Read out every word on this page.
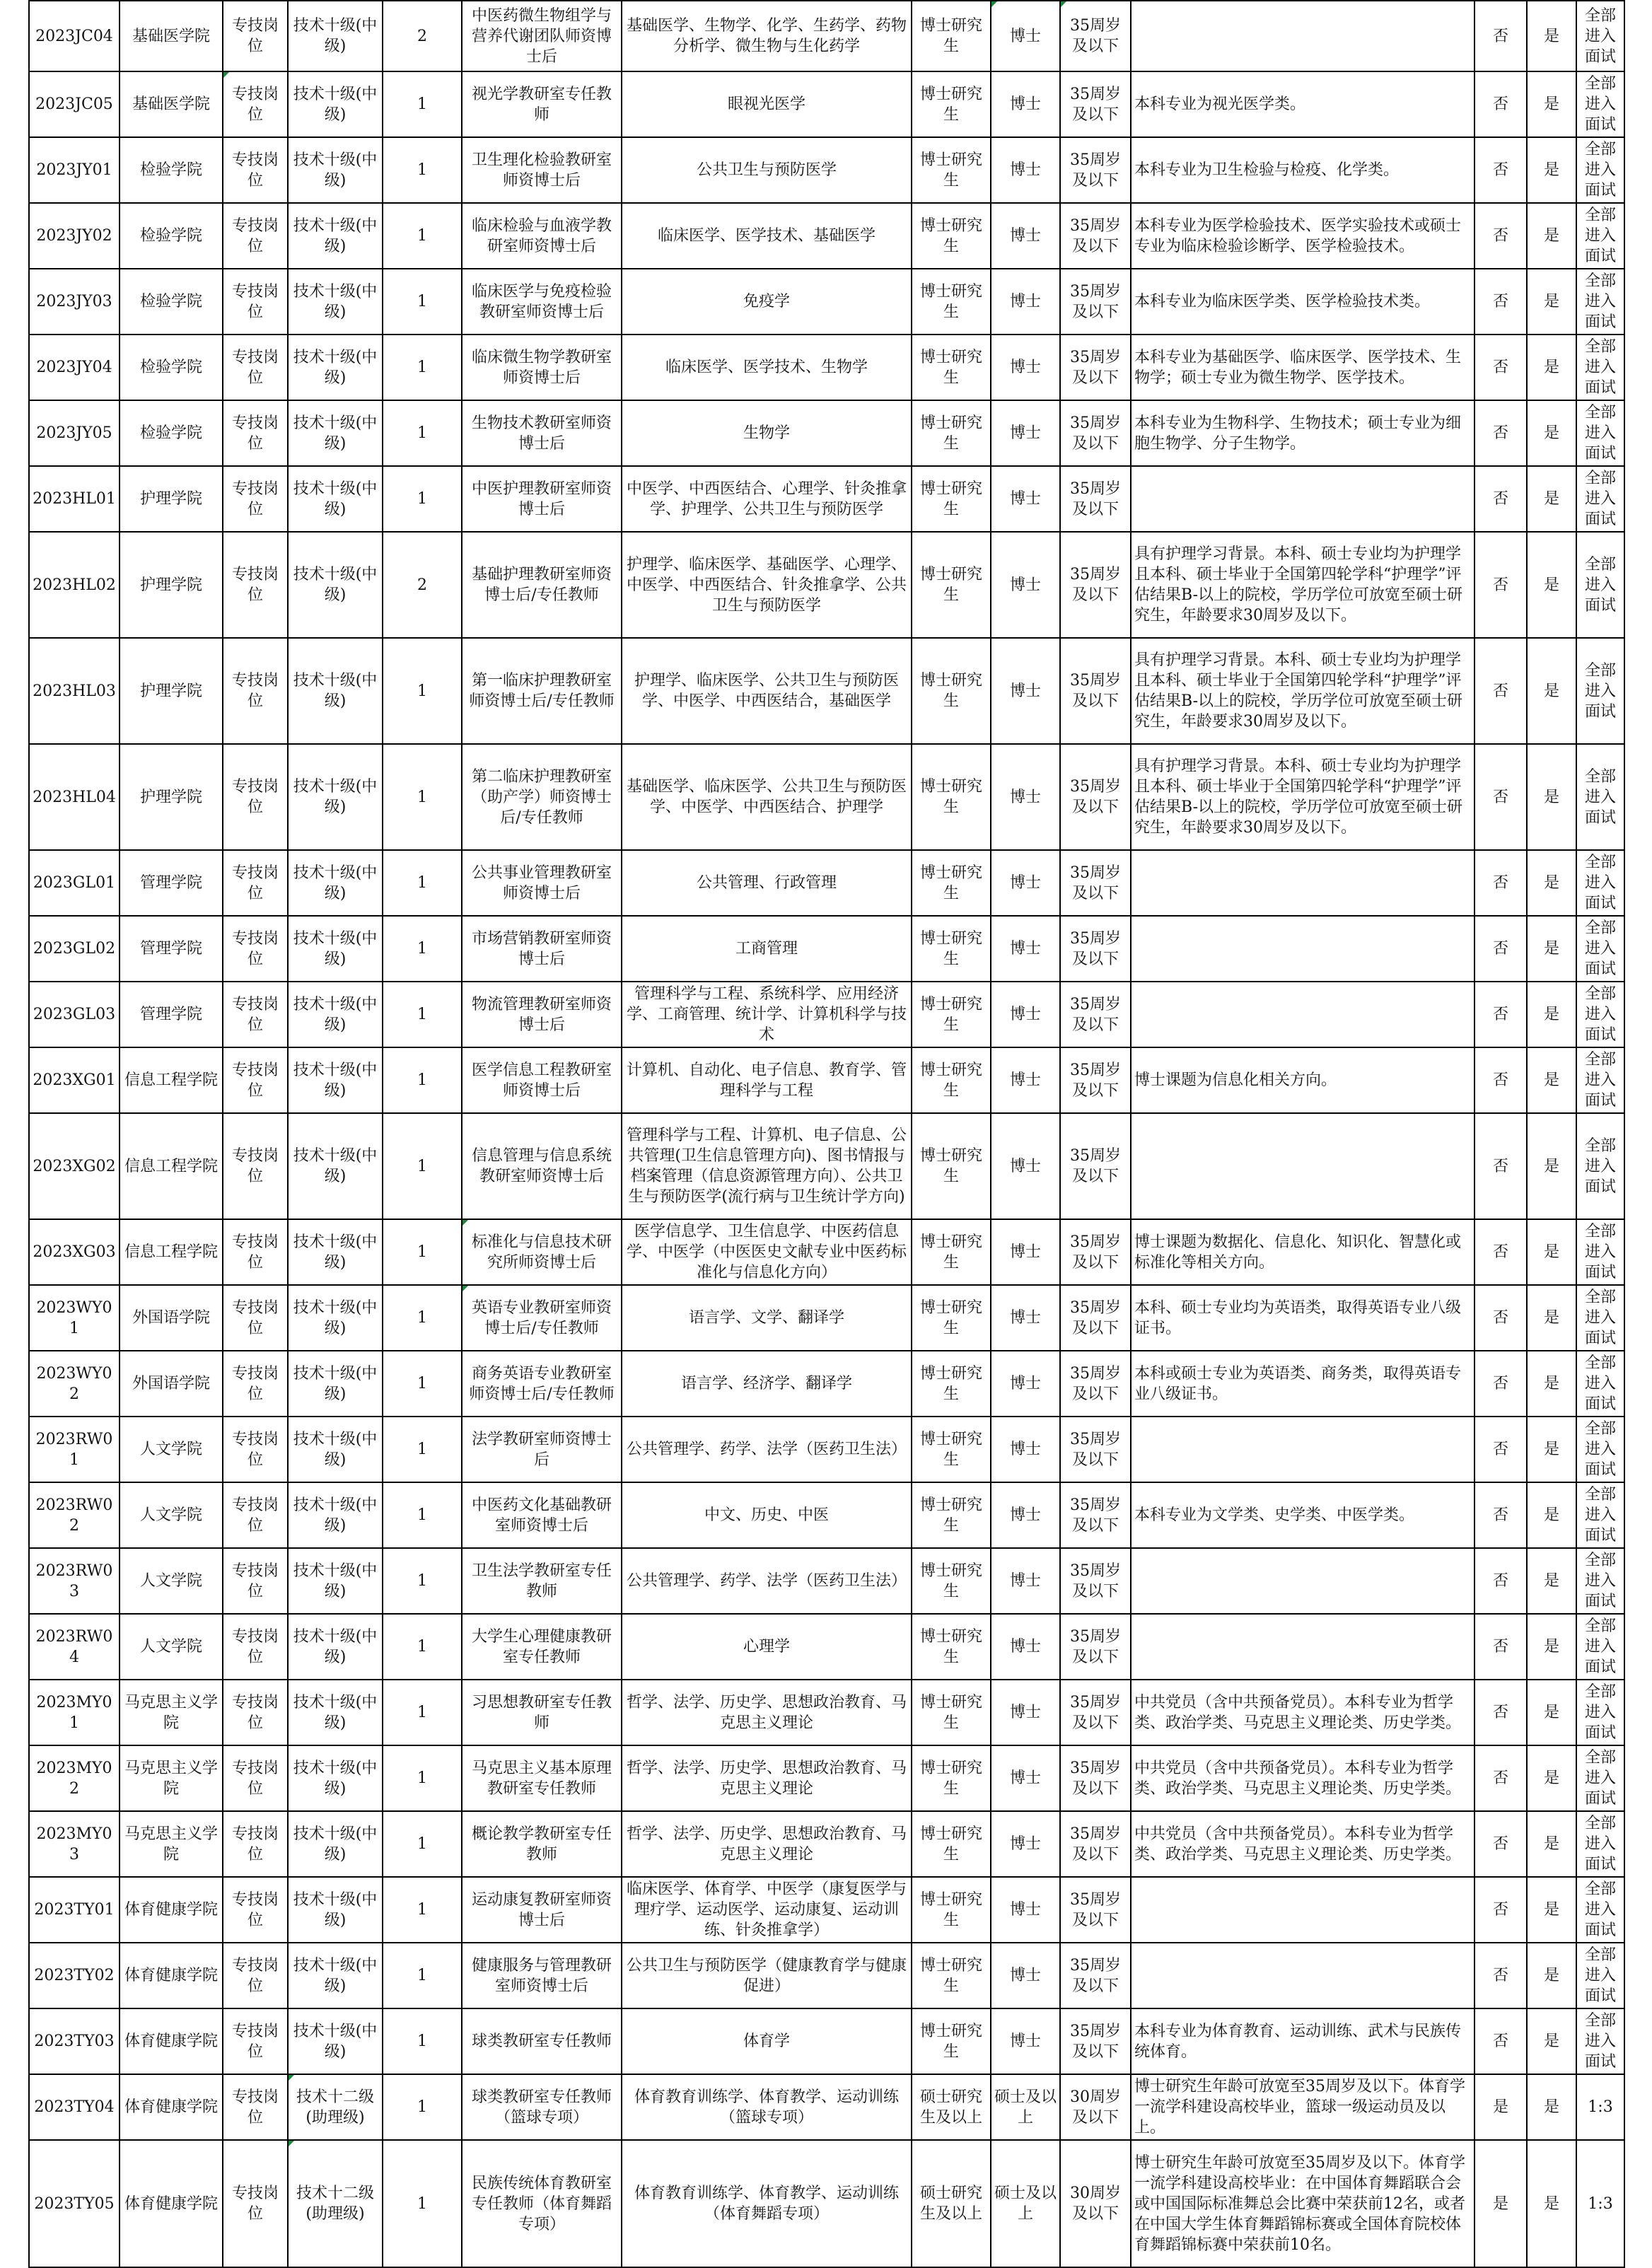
2023JC04	基础医学院	专技岗位	技术十级(中级)	2	中医药微生物组学与营养代谢团队师资博士后	基础医学、生物学、化学、生药学、药物分析学、微生物与生化药学	博士研究生	博士	35周岁及以下		否	是	全部进入面试
2023JC05	基础医学院	专技岗位	技术十级(中级)	1	视光学教研室专任教师	眼视光医学	博士研究生	博士	35周岁及以下	本科专业为视光医学类。	否	是	全部进入面试
2023JY01	检验学院	专技岗位	技术十级(中级)	1	卫生理化检验教研室师资博士后	公共卫生与预防医学	博士研究生	博士	35周岁及以下	本科专业为卫生检验与检疫、化学类。	否	是	全部进入面试
2023JY02	检验学院	专技岗位	技术十级(中级)	1	临床检验与血液学教研室师资博士后	临床医学、医学技术、基础医学	博士研究生	博士	35周岁及以下	本科专业为医学检验技术、医学实验技术或硕士专业为临床检验诊断学、医学检验技术。	否	是	全部进入面试
2023JY03	检验学院	专技岗位	技术十级(中级)	1	临床医学与免疫检验教研室师资博士后	免疫学	博士研究生	博士	35周岁及以下	本科专业为临床医学类、医学检验技术类。	否	是	全部进入面试
2023JY04	检验学院	专技岗位	技术十级(中级)	1	临床微生物学教研室师资博士后	临床医学、医学技术、生物学	博士研究生	博士	35周岁及以下	本科专业为基础医学、临床医学、医学技术、生物学；硕士专业为微生物学、医学技术。	否	是	全部进入面试
2023JY05	检验学院	专技岗位	技术十级(中级)	1	生物技术教研室师资博士后	生物学	博士研究生	博士	35周岁及以下	本科专业为生物科学、生物技术；硕士专业为细胞生物学、分子生物学。	否	是	全部进入面试
2023HL01	护理学院	专技岗位	技术十级(中级)	1	中医护理教研室师资博士后	中医学、中西医结合、心理学、针灸推拿学、护理学、公共卫生与预防医学	博士研究生	博士	35周岁及以下		否	是	全部进入面试
2023HL02	护理学院	专技岗位	技术十级(中级)	2	基础护理教研室师资博士后/专任教师	护理学、临床医学、基础医学、心理学、中医学、中西医结合、针灸推拿学、公共卫生与预防医学	博士研究生	博士	35周岁及以下	具有护理学习背景。本科、硕士专业均为护理学且本科、硕士毕业于全国第四轮学科“护理学”评估结果B-以上的院校，学历学位可放宽至硕士研究生，年龄要求30周岁及以下。	否	是	全部进入面试
2023HL03	护理学院	专技岗位	技术十级(中级)	1	第一临床护理教研室师资博士后/专任教师	护理学、临床医学、公共卫生与预防医学、中医学、中西医结合，基础医学	博士研究生	博士	35周岁及以下	具有护理学习背景。本科、硕士专业均为护理学且本科、硕士毕业于全国第四轮学科“护理学”评估结果B-以上的院校，学历学位可放宽至硕士研究生，年龄要求30周岁及以下。	否	是	全部进入面试
2023HL04	护理学院	专技岗位	技术十级(中级)	1	第二临床护理教研室（助产学）师资博士后/专任教师	基础医学、临床医学、公共卫生与预防医学、中医学、中西医结合、护理学	博士研究生	博士	35周岁及以下	具有护理学习背景。本科、硕士专业均为护理学且本科、硕士毕业于全国第四轮学科“护理学”评估结果B-以上的院校，学历学位可放宽至硕士研究生，年龄要求30周岁及以下。	否	是	全部进入面试
2023GL01	管理学院	专技岗位	技术十级(中级)	1	公共事业管理教研室师资博士后	公共管理、行政管理	博士研究生	博士	35周岁及以下		否	是	全部进入面试
2023GL02	管理学院	专技岗位	技术十级(中级)	1	市场营销教研室师资博士后	工商管理	博士研究生	博士	35周岁及以下		否	是	全部进入面试
2023GL03	管理学院	专技岗位	技术十级(中级)	1	物流管理教研室师资博士后	管理科学与工程、系统科学、应用经济学、工商管理、统计学、计算机科学与技术	博士研究生	博士	35周岁及以下		否	是	全部进入面试
2023XG01	信息工程学院	专技岗位	技术十级(中级)	1	医学信息工程教研室师资博士后	计算机、自动化、电子信息、教育学、管理科学与工程	博士研究生	博士	35周岁及以下	博士课题为信息化相关方向。	否	是	全部进入面试
2023XG02	信息工程学院	专技岗位	技术十级(中级)	1	信息管理与信息系统教研室师资博士后	管理科学与工程、计算机、电子信息、公共管理(卫生信息管理方向)、图书情报与档案管理（信息资源管理方向）、公共卫生与预防医学(流行病与卫生统计学方向)	博士研究生	博士	35周岁及以下		否	是	全部进入面试
2023XG03	信息工程学院	专技岗位	技术十级(中级)	1	标准化与信息技术研究所师资博士后	医学信息学、卫生信息学、中医药信息学、中医学（中医医史文献专业中医药标准化与信息化方向）	博士研究生	博士	35周岁及以下	博士课题为数据化、信息化、知识化、智慧化或标准化等相关方向。	否	是	全部进入面试
2023WY01	外国语学院	专技岗位	技术十级(中级)	1	英语专业教研室师资博士后/专任教师	语言学、文学、翻译学	博士研究生	博士	35周岁及以下	本科、硕士专业均为英语类，取得英语专业八级证书。	否	是	全部进入面试
2023WY02	外国语学院	专技岗位	技术十级(中级)	1	商务英语专业教研室师资博士后/专任教师	语言学、经济学、翻译学	博士研究生	博士	35周岁及以下	本科或硕士专业为英语类、商务类，取得英语专业八级证书。	否	是	全部进入面试
2023RW01	人文学院	专技岗位	技术十级(中级)	1	法学教研室师资博士后	公共管理学、药学、法学（医药卫生法）	博士研究生	博士	35周岁及以下		否	是	全部进入面试
2023RW02	人文学院	专技岗位	技术十级(中级)	1	中医药文化基础教研室师资博士后	中文、历史、中医	博士研究生	博士	35周岁及以下	本科专业为文学类、史学类、中医学类。	否	是	全部进入面试
2023RW03	人文学院	专技岗位	技术十级(中级)	1	卫生法学教研室专任教师	公共管理学、药学、法学（医药卫生法）	博士研究生	博士	35周岁及以下		否	是	全部进入面试
2023RW04	人文学院	专技岗位	技术十级(中级)	1	大学生心理健康教研室专任教师	心理学	博士研究生	博士	35周岁及以下		否	是	全部进入面试
2023MY01	马克思主义学院	专技岗位	技术十级(中级)	1	习思想教研室专任教师	哲学、法学、历史学、思想政治教育、马克思主义理论	博士研究生	博士	35周岁及以下	中共党员（含中共预备党员）。本科专业为哲学类、政治学类、马克思主义理论类、历史学类。	否	是	全部进入面试
2023MY02	马克思主义学院	专技岗位	技术十级(中级)	1	马克思主义基本原理教研室专任教师	哲学、法学、历史学、思想政治教育、马克思主义理论	博士研究生	博士	35周岁及以下	中共党员（含中共预备党员）。本科专业为哲学类、政治学类、马克思主义理论类、历史学类。	否	是	全部进入面试
2023MY03	马克思主义学院	专技岗位	技术十级(中级)	1	概论教学教研室专任教师	哲学、法学、历史学、思想政治教育、马克思主义理论	博士研究生	博士	35周岁及以下	中共党员（含中共预备党员）。本科专业为哲学类、政治学类、马克思主义理论类、历史学类。	否	是	全部进入面试
2023TY01	体育健康学院	专技岗位	技术十级(中级)	1	运动康复教研室师资博士后	临床医学、体育学、中医学（康复医学与理疗学、运动医学、运动康复、运动训练、针灸推拿学）	博士研究生	博士	35周岁及以下		否	是	全部进入面试
2023TY02	体育健康学院	专技岗位	技术十级(中级)	1	健康服务与管理教研室师资博士后	公共卫生与预防医学（健康教育学与健康促进）	博士研究生	博士	35周岁及以下		否	是	全部进入面试
2023TY03	体育健康学院	专技岗位	技术十级(中级)	1	球类教研室专任教师	体育学	博士研究生	博士	35周岁及以下	本科专业为体育教育、运动训练、武术与民族传统体育。	否	是	全部进入面试
2023TY04	体育健康学院	专技岗位	技术十二级(助理级)	1	球类教研室专任教师（篮球专项）	体育教育训练学、体育教学、运动训练（篮球专项）	硕士研究生及以上	硕士及以上	30周岁及以下	博士研究生年龄可放宽至35周岁及以下。体育学一流学科建设高校毕业，篮球一级运动员及以上。	是	是	1:3
2023TY05	体育健康学院	专技岗位	技术十二级(助理级)	1	民族传统体育教研室专任教师（体育舞蹈专项）	体育教育训练学、体育教学、运动训练（体育舞蹈专项）	硕士研究生及以上	硕士及以上	30周岁及以下	博士研究生年龄可放宽至35周岁及以下。体育学一流学科建设高校毕业：在中国体育舞蹈联合会或中国国际标准舞总会比赛中荣获前12名，或者在中国大学生体育舞蹈锦标赛或全国体育院校体育舞蹈锦标赛中荣获前10名。	是	是	1:3
